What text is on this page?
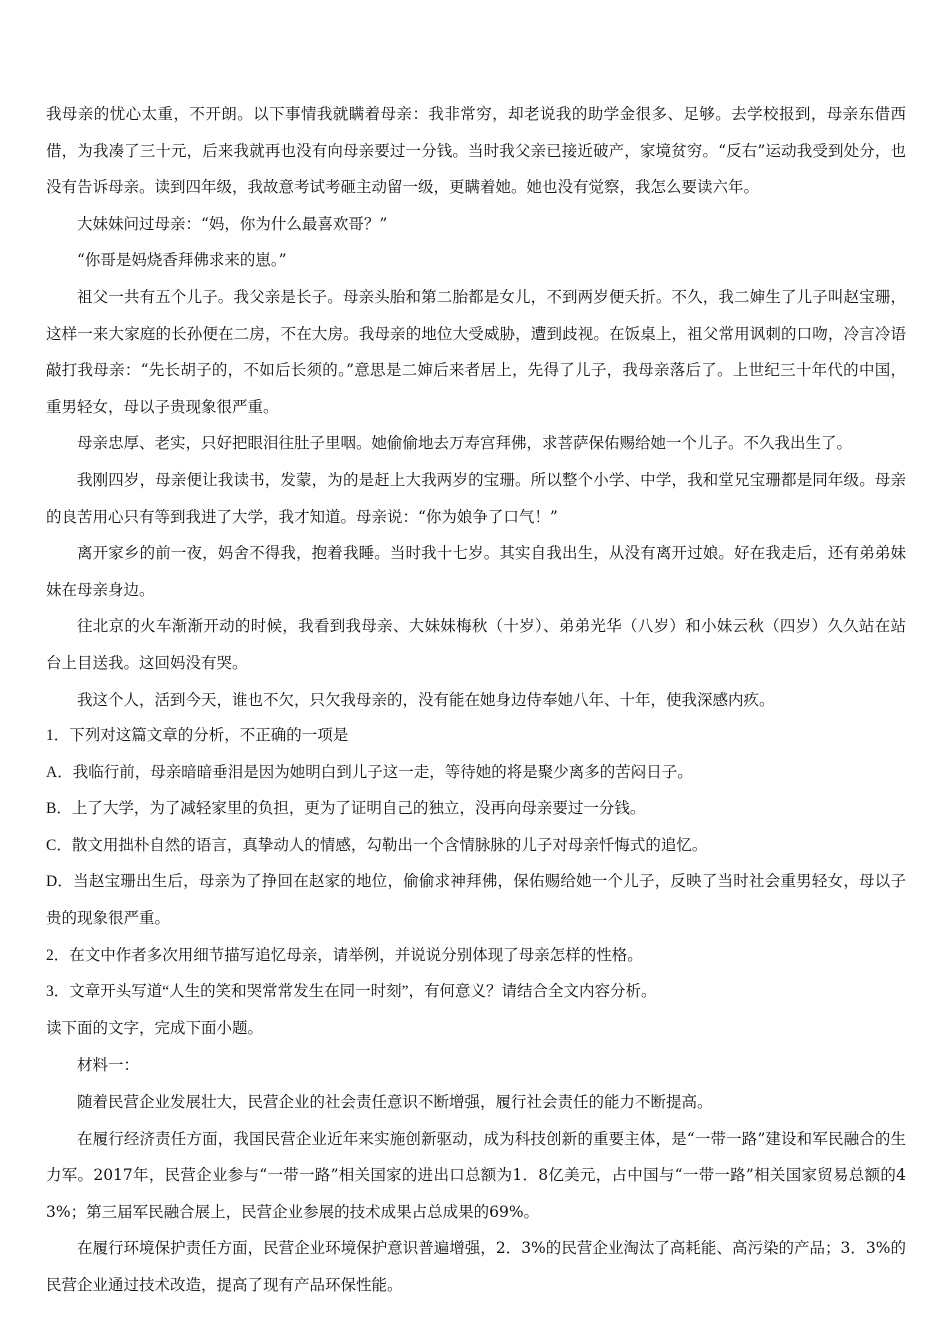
我母亲的忧心太重，不开朗。以下事情我就瞒着母亲：我非常穷，却老说我的助学金很多、足够。去学校报到，母亲东借西借，为我凑了三十元，后来我就再也没有向母亲要过一分钱。当时我父亲已接近破产，家境贫穷。“反右”运动我受到处分，也没有告诉母亲。读到四年级，我故意考试考砸主动留一级，更瞒着她。她也没有觉察，我怎么要读六年。

大妹妹问过母亲：“妈，你为什么最喜欢哥？”

“你哥是妈烧香拜佛求来的崽。”

祖父一共有五个儿子。我父亲是长子。母亲头胎和第二胎都是女儿，不到两岁便夭折。不久，我二婶生了儿子叫赵宝珊，这样一来大家庭的长孙便在二房，不在大房。我母亲的地位大受威胁，遭到歧视。在饭桌上，祖父常用讽刺的口吻，冷言冷语敲打我母亲：“先长胡子的，不如后长须的。”意思是二婶后来者居上，先得了儿子，我母亲落后了。上世纪三十年代的中国，重男轻女，母以子贵现象很严重。

母亲忠厚、老实，只好把眼泪往肚子里咽。她偷偷地去万寿宫拜佛，求菩萨保佑赐给她一个儿子。不久我出生了。

我刚四岁，母亲便让我读书，发蒙，为的是赶上大我两岁的宝珊。所以整个小学、中学，我和堂兄宝珊都是同年级。母亲的良苦用心只有等到我进了大学，我才知道。母亲说：“你为娘争了口气！”

离开家乡的前一夜，妈舍不得我，抱着我睡。当时我十七岁。其实自我出生，从没有离开过娘。好在我走后，还有弟弟妹妹在母亲身边。

往北京的火车渐渐开动的时候，我看到我母亲、大妹妹梅秋（十岁）、弟弟光华（八岁）和小妹云秋（四岁）久久站在站台上目送我。这回妈没有哭。

我这个人，活到今天，谁也不欠，只欠我母亲的，没有能在她身边侍奉她八年、十年，使我深感内疚。

1．下列对这篇文章的分析，不正确的一项是

A．我临行前，母亲暗暗垂泪是因为她明白到儿子这一走，等待她的将是聚少离多的苦闷日子。

B．上了大学，为了减轻家里的负担，更为了证明自己的独立，没再向母亲要过一分钱。

C．散文用拙朴自然的语言，真挚动人的情感，勾勒出一个含情脉脉的儿子对母亲忏悔式的追忆。

D．当赵宝珊出生后，母亲为了挣回在赵家的地位，偷偷求神拜佛，保佑赐给她一个儿子，反映了当时社会重男轻女，母以子贵的现象很严重。

2．在文中作者多次用细节描写追忆母亲，请举例，并说说分别体现了母亲怎样的性格。

3．文章开头写道“人生的笑和哭常常发生在同一时刻”，有何意义？请结合全文内容分析。

读下面的文字，完成下面小题。

材料一：

随着民营企业发展壮大，民营企业的社会责任意识不断增强，履行社会责任的能力不断提高。

在履行经济责任方面，我国民营企业近年来实施创新驱动，成为科技创新的重要主体，是“一带一路”建设和军民融合的生力军。2017年，民营企业参与“一带一路”相关国家的进出口总额为1．8亿美元，占中国与“一带一路”相关国家贸易总额的43%；第三届军民融合展上，民营企业参展的技术成果占总成果的69%。

在履行环境保护责任方面，民营企业环境保护意识普遍增强，2．3%的民营企业淘汰了高耗能、高污染的产品；3．3%的民营企业通过技术改造，提高了现有产品环保性能。
